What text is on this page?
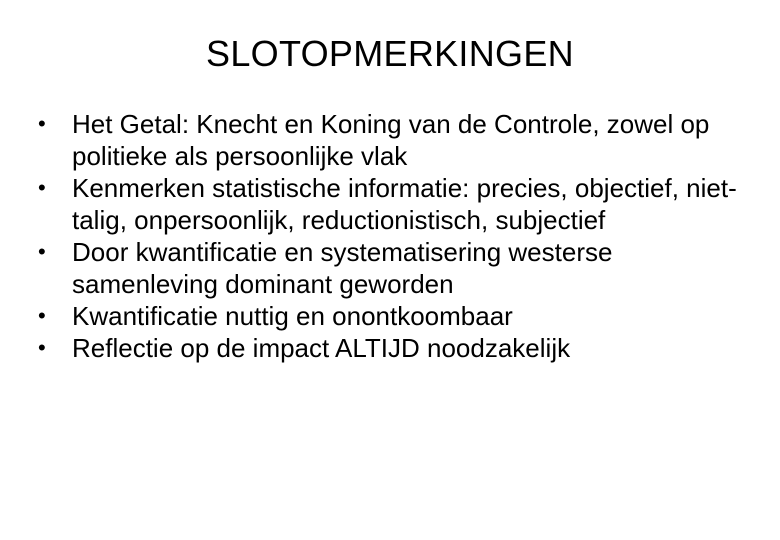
SLOTOPMERKINGEN
•	Het Getal: Knecht en Koning van de Controle, zowel op politieke als persoonlijke vlak
•	Kenmerken statistische informatie: precies, objectief, niet-talig, onpersoonlijk, reductionistisch, subjectief
•	Door kwantificatie en systematisering westerse samenleving dominant geworden
•	Kwantificatie nuttig en onontkoombaar
•	Reflectie op de impact ALTIJD noodzakelijk
